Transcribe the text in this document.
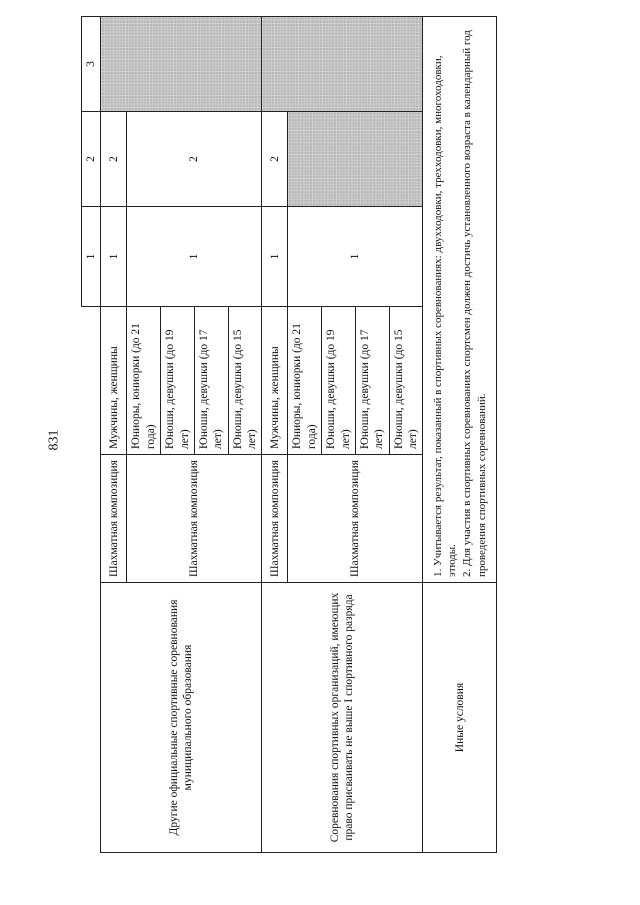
831
			1	2	3
Другие официальные спортивные соревнования муниципального образования	Шахматная композиция	Мужчины, женщины	1	2	
	Шахматная композиция	Юниоры, юниорки (до 21 года)	1	2	
		Юноши, девушки (до 19 лет)			
		Юноши, девушки (до 17 лет)			
		Юноши, девушки (до 15 лет)			
Соревнования спортивных организаций, имеющих право присваивать не выше I спортивного разряда	Шахматная композиция	Мужчины, женщины	1	2	
	Шахматная композиция	Юниоры, юниорки (до 21 года)	1		
		Юноши, девушки (до 19 лет)			
		Юноши, девушки (до 17 лет)			
		Юноши, девушки (до 15 лет)			
Иные условия	1. Учитывается результат, показанный в спортивных соревнованиях: двухходовки, трехходовки, многоходовки, этюды. 2. Для участия в спортивных соревнованиях спортсмен должен достичь установленного возраста в календарный год проведения спортивных соревнований.				
